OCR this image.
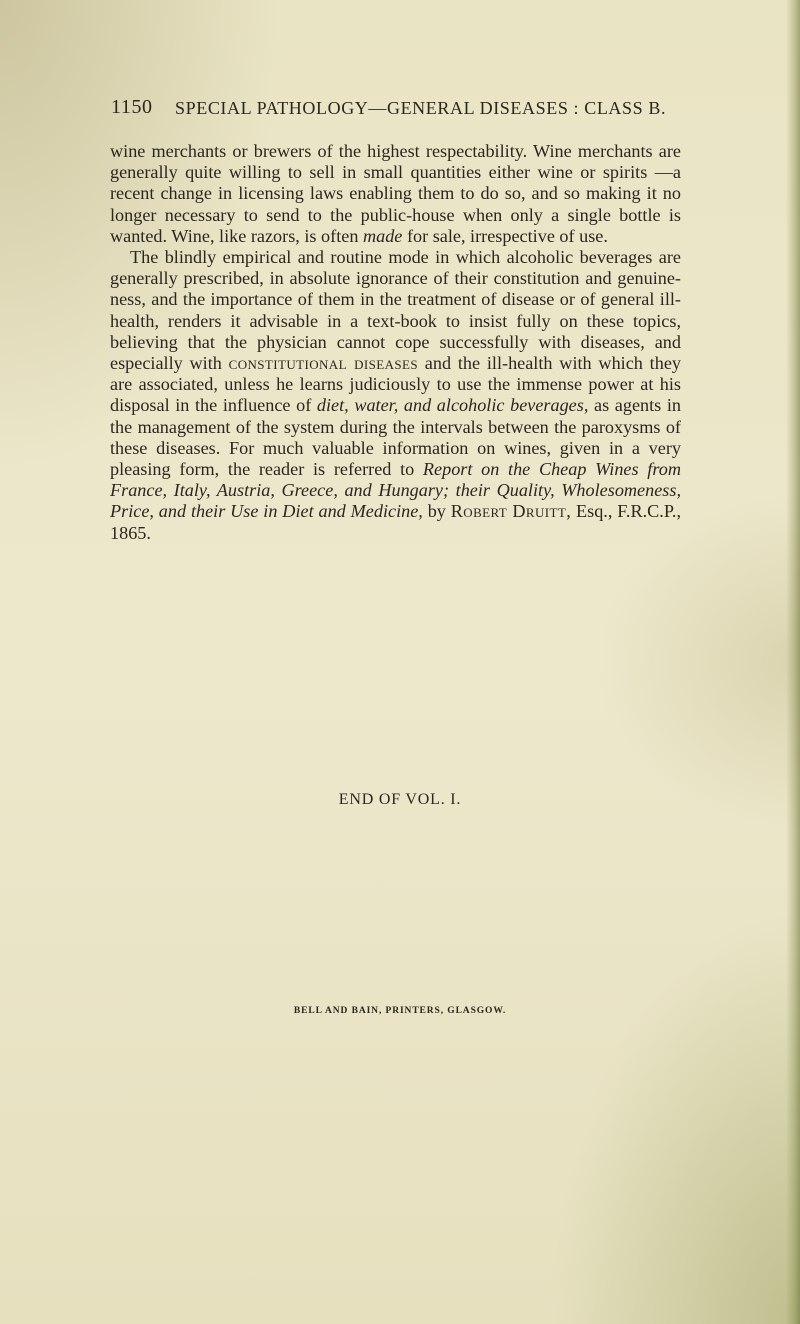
1150 SPECIAL PATHOLOGY—GENERAL DISEASES : CLASS B.

wine merchants or brewers of the highest respectability. Wine merchants are generally quite willing to sell in small quantities either wine or spirits —a recent change in licensing laws enabling them to do so, and so making it no longer necessary to send to the public-house when only a single bottle is wanted. Wine, like razors, is often made for sale, irrespective of use.

The blindly empirical and routine mode in which alcoholic beverages are generally prescribed, in absolute ignorance of their constitution and genuine-ness, and the importance of them in the treatment of disease or of general ill-health, renders it advisable in a text-book to insist fully on these topics, believing that the physician cannot cope successfully with diseases, and especially with constitutional diseases and the ill-health with which they are associated, unless he learns judiciously to use the immense power at his disposal in the influence of diet, water, and alcoholic beverages, as agents in the management of the system during the intervals between the paroxysms of these diseases. For much valuable information on wines, given in a very pleasing form, the reader is referred to Report on the Cheap Wines from France, Italy, Austria, Greece, and Hungary; their Quality, Wholesomeness, Price, and their Use in Diet and Medicine, by Robert Druitt, Esq., F.R.C.P., 1865.

END OF VOL. I.
BELL AND BAIN, PRINTERS, GLASGOW.
